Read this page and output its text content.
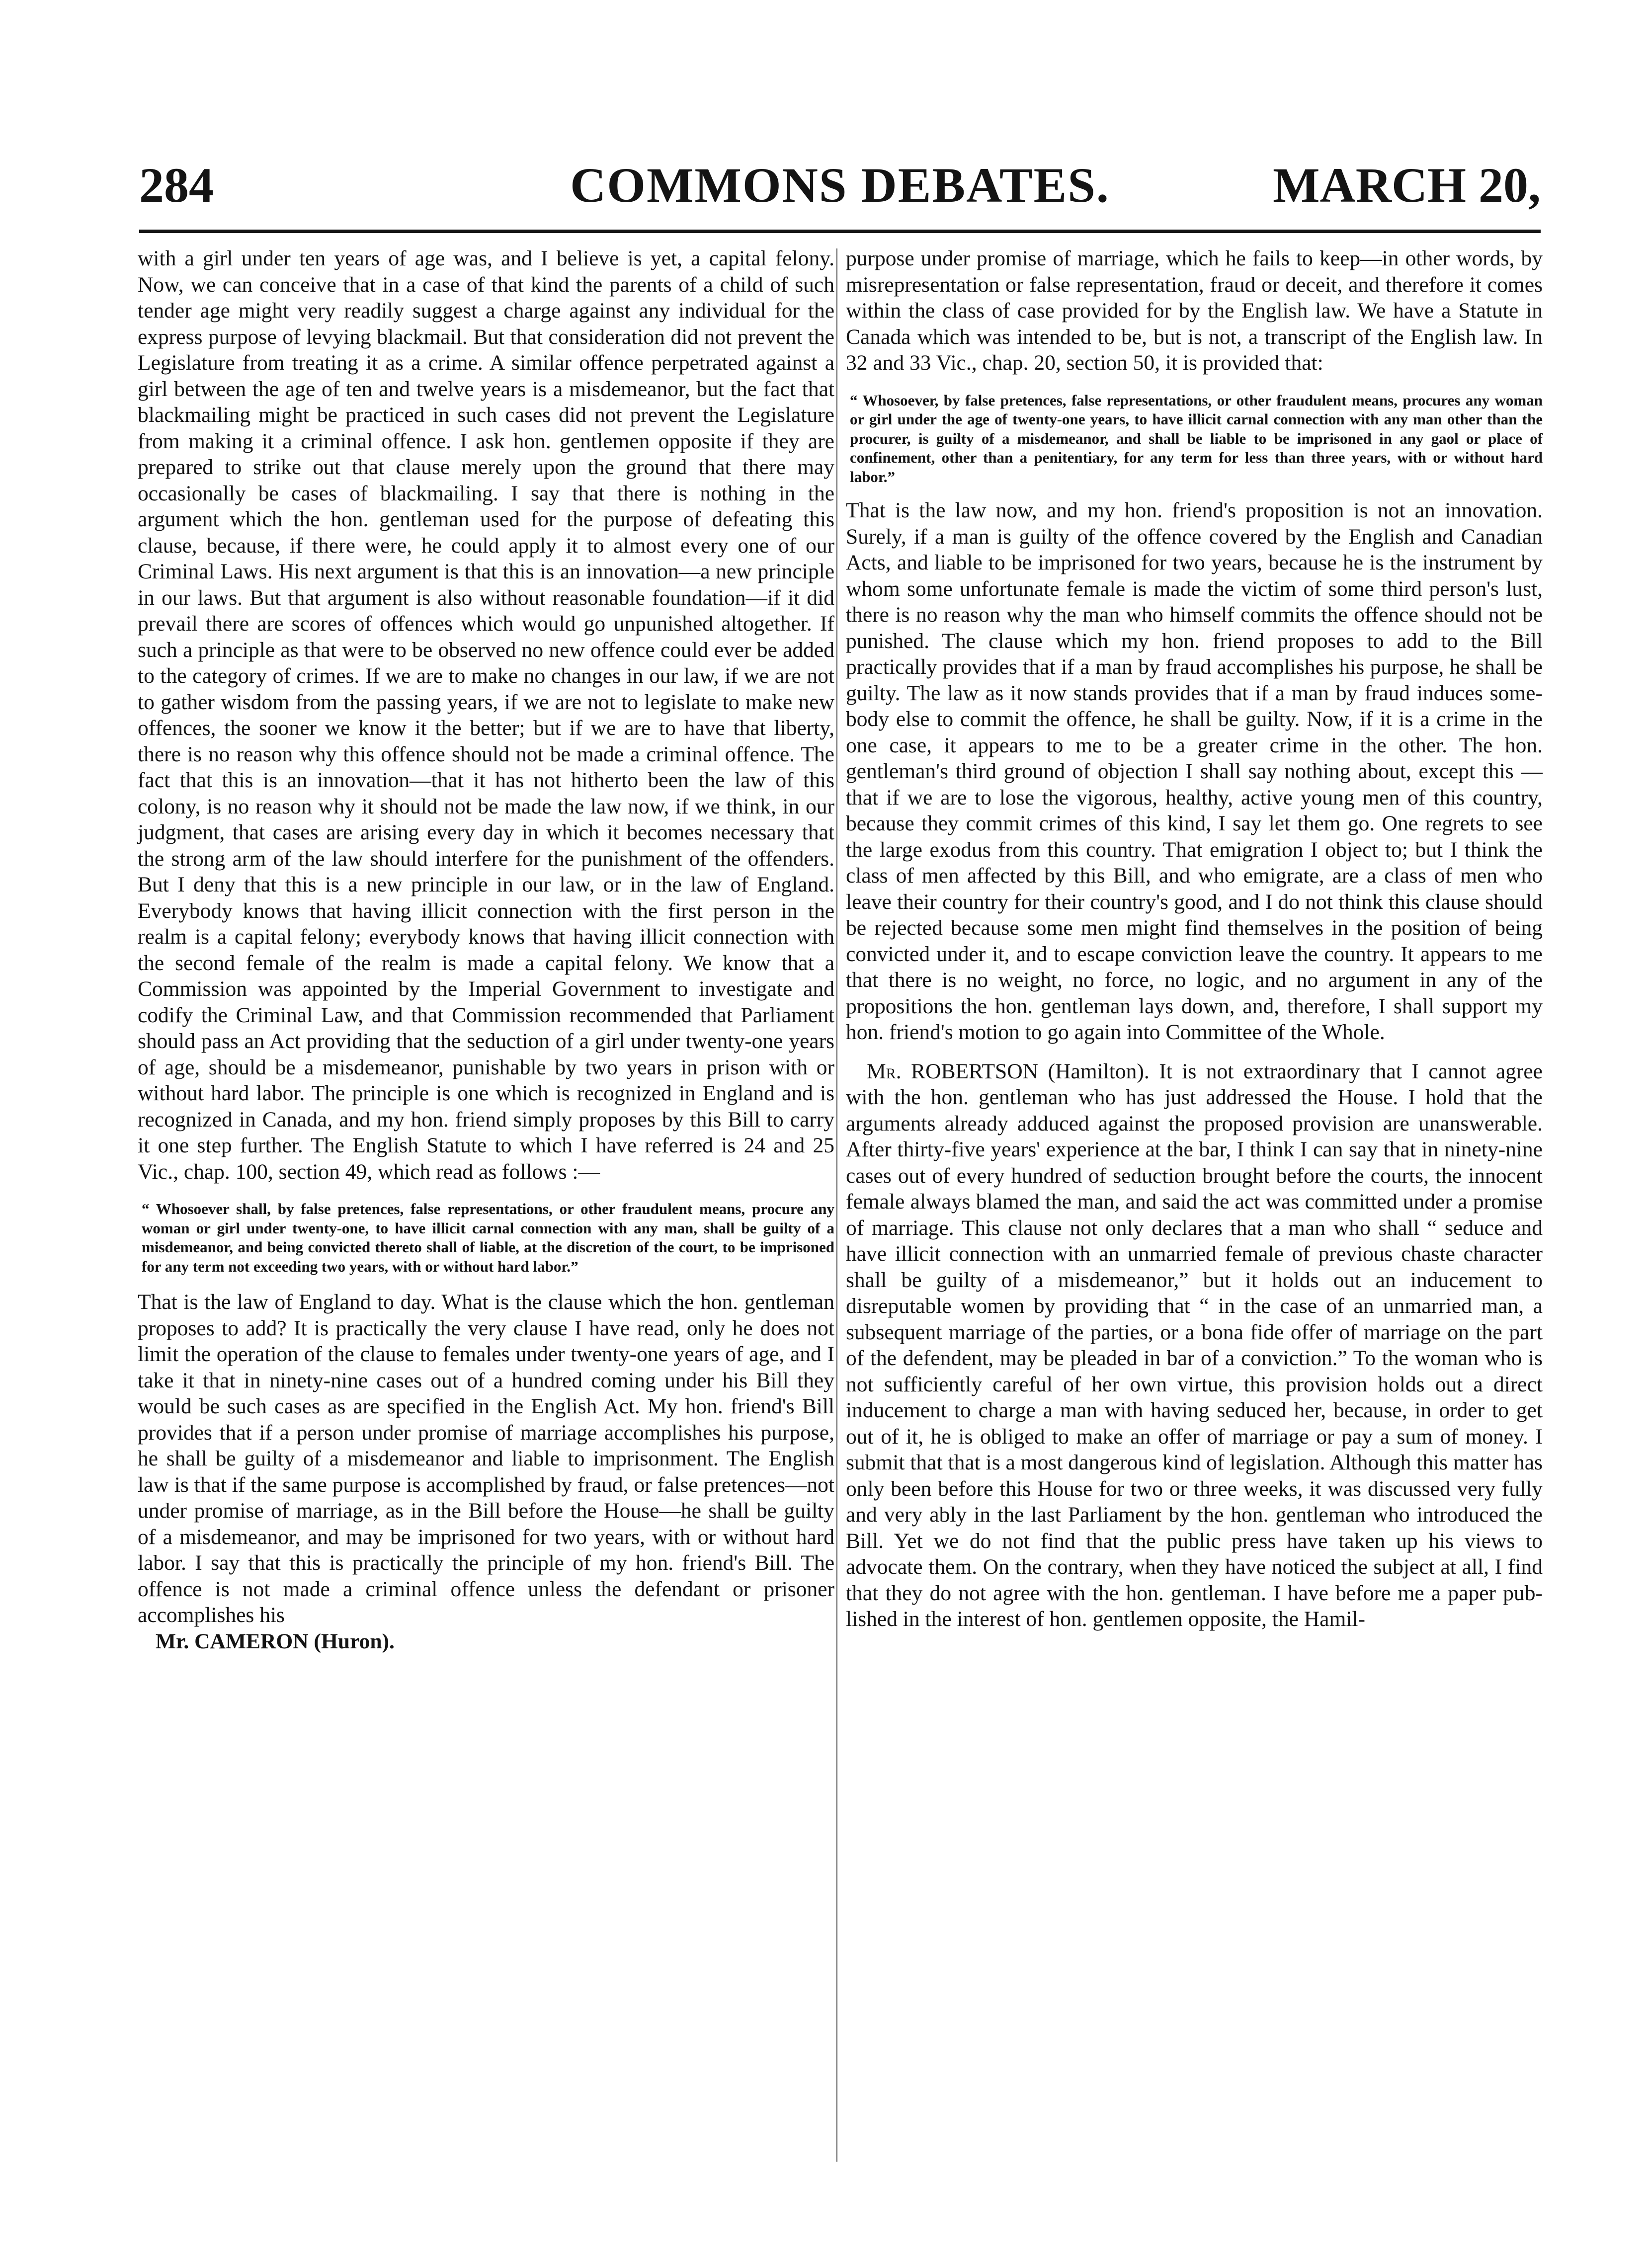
284	COMMONS DEBATES.	MARCH 20,

with a girl under ten years of age was, and I believe is yet, a capital felony. Now, we can conceive that in a case of that kind the parents of a child of such tender age might very readily suggest a charge against any individual for the express purpose of levying blackmail. But that consideration did not prevent the Legislature from treating it as a crime. A similar offence perpetrated against a girl between the age of ten and twelve years is a misdemeanor, but the fact that blackmailing might be practiced in such cases did not prevent the Legislature from making it a criminal offence. I ask hon. gentlemen opposite if they are prepared to strike out that clause merely upon the ground that there may occasionally be cases of blackmailing. I say that there is nothing in the argument which the hon. gentleman used for the purpose of defeating this clause, because, if there were, he could apply it to almost every one of our Criminal Laws. His next argument is that this is an innovation—a new principle in our laws. But that argument is also without reasonable foundation—if it did prevail there are scores of offences which would go unpunished altogether. If such a principle as that were to be observed no new offence could ever be added to the category of crimes. If we are to make no changes in our law, if we are not to gather wisdom from the passing years, if we are not to legislate to make new offences, the sooner we know it the better; but if we are to have that liberty, there is no reason why this offence should not be made a criminal offence. The fact that this is an innovation—that it has not hitherto been the law of this colony, is no reason why it should not be made the law now, if we think, in our judgment, that cases are arising every day in which it becomes necessary that the strong arm of the law should interfere for the punishment of the offenders. But I deny that this is a new principle in our law, or in the law of England. Everybody knows that having illicit connection with the first person in the realm is a capital felony; everybody knows that having illicit connection with the second female of the realm is made a capital felony. We know that a Commission was appointed by the Imperial Government to investigate and codify the Criminal Law, and that Commission recommended that Parliament should pass an Act providing that the seduction of a girl under twenty-one years of age, should be a misdemeanor, punishable by two years in prison with or without hard labor. The principle is one which is recognized in England and is recognized in Canada, and my hon. friend simply proposes by this Bill to carry it one step further. The English Statute to which I have referred is 24 and 25 Vic., chap. 100, section 49, which read as follows :—

“ Whosoever shall, by false pretences, false representations, or other fraudulent means, procure any woman or girl under twenty-one, to have illicit carnal connection with any man, shall be guilty of a misdemeanor, and being convicted thereto shall of liable, at the discretion of the court, to be imprisoned for any term not exceeding two years, with or without hard labor.”

That is the law of England to day. What is the clause which the hon. gentleman proposes to add? It is practically the very clause I have read, only he does not limit the operation of the clause to females under twenty-one years of age, and I take it that in ninety-nine cases out of a hundred coming under his Bill they would be such cases as are specified in the English Act. My hon. friend's Bill provides that if a person under promise of marriage accomplishes his purpose, he shall be guilty of a misdemeanor and liable to imprisonment. The English law is that if the same purpose is accomplished by fraud, or false pretences—not under promise of marriage, as in the Bill before the House—he shall be guilty of a misdemeanor, and may be imprisoned for two years, with or without hard labor. I say that this is practically the principle of my hon. friend's Bill. The offence is not made a criminal offence unless the defendant or prisoner accomplishes his

Mr. CAMERON (Huron).

purpose under promise of marriage, which he fails to keep—in other words, by misrepresentation or false representation, fraud or deceit, and therefore it comes within the class of case provided for by the English law. We have a Statute in Canada which was intended to be, but is not, a transcript of the English law. In 32 and 33 Vic., chap. 20, section 50, it is provided that:

“ Whosoever, by false pretences, false representations, or other fraudulent means, procures any woman or girl under the age of twenty-one years, to have illicit carnal connection with any man other than the procurer, is guilty of a misdemeanor, and shall be liable to be imprisoned in any gaol or place of confinement, other than a penitentiary, for any term for less than three years, with or without hard labor.”

That is the law now, and my hon. friend's proposition is not an innovation. Surely, if a man is guilty of the offence covered by the English and Canadian Acts, and liable to be imprisoned for two years, because he is the instrument by whom some unfortunate female is made the victim of some third person's lust, there is no reason why the man who himself commits the offence should not be punished. The clause which my hon. friend proposes to add to the Bill practically provides that if a man by fraud accomplishes his purpose, he shall be guilty. The law as it now stands provides that if a man by fraud induces somebody else to commit the offence, he shall be guilty. Now, if it is a crime in the one case, it appears to me to be a greater crime in the other. The hon. gentleman's third ground of objection I shall say nothing about, except this — that if we are to lose the vigorous, healthy, active young men of this country, because they commit crimes of this kind, I say let them go. One regrets to see the large exodus from this country. That emigration I object to; but I think the class of men affected by this Bill, and who emigrate, are a class of men who leave their country for their country's good, and I do not think this clause should be rejected because some men might find themselves in the position of being convicted under it, and to escape conviction leave the country. It appears to me that there is no weight, no force, no logic, and no argument in any of the propositions the hon. gentleman lays down, and, therefore, I shall support my hon. friend's motion to go again into Committee of the Whole.

Mr. ROBERTSON (Hamilton). It is not extraordinary that I cannot agree with the hon. gentleman who has just addressed the House. I hold that the arguments already adduced against the proposed provision are unanswerable. After thirty-five years' experience at the bar, I think I can say that in ninety-nine cases out of every hundred of seduction brought before the courts, the innocent female always blamed the man, and said the act was committed under a promise of marriage. This clause not only declares that a man who shall “ seduce and have illicit connection with an unmarried female of previous chaste character shall be guilty of a misdemeanor,” but it holds out an inducement to disreputable women by providing that “ in the case of an unmarried man, a subsequent marriage of the parties, or a bona fide offer of marriage on the part of the defendent, may be pleaded in bar of a conviction.” To the woman who is not sufficiently careful of her own virtue, this provision holds out a direct inducement to charge a man with having seduced her, because, in order to get out of it, he is obliged to make an offer of marriage or pay a sum of money. I submit that that is a most dangerous kind of legislation. Although this matter has only been before this House for two or three weeks, it was discussed very fully and very ably in the last Parliament by the hon. gentleman who introduced the Bill. Yet we do not find that the public press have taken up his views to advocate them. On the contrary, when they have noticed the subject at all, I find that they do not agree with the hon. gentleman. I have before me a paper published in the interest of hon. gentlemen opposite, the Hamil-
